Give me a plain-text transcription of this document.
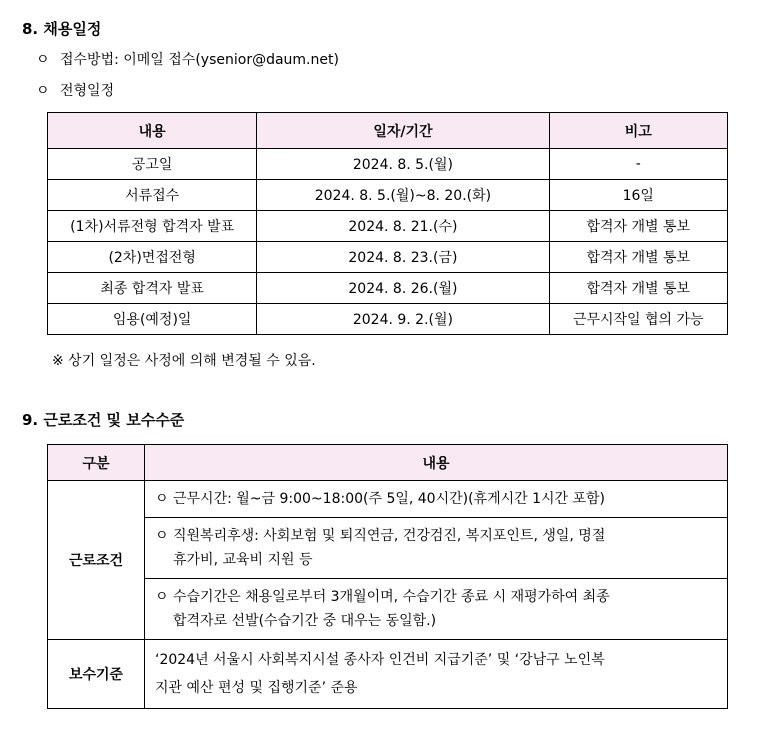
8. 채용일정
ㅇ 접수방법: 이메일 접수(ysenior@daum.net)
ㅇ 전형일정
내용	일자/기간	비고
공고일	2024. 8. 5.(월)	-
서류접수	2024. 8. 5.(월)~8. 20.(화)	16일
(1차)서류전형 합격자 발표	2024. 8. 21.(수)	합격자 개별 통보
(2차)면접전형	2024. 8. 23.(금)	합격자 개별 통보
최종 합격자 발표	2024. 8. 26.(월)	합격자 개별 통보
임용(예정)일	2024. 9. 2.(월)	근무시작일 협의 가능
※ 상기 일정은 사정에 의해 변경될 수 있음.
9. 근로조건 및 보수수준
구분	내용
근로조건	ㅇ 근무시간: 월~금 9:00~18:00(주 5일, 40시간)(휴게시간 1시간 포함)
	ㅇ 직원복리후생: 사회보험 및 퇴직연금, 건강검진, 복지포인트, 생일, 명절
휴가비, 교육비 지원 등

	ㅇ 수습기간은 채용일로부터 3개월이며, 수습기간 종료 시 재평가하여 최종
합격자로 선발(수습기간 중 대우는 동일함.)

보수기준	‘2024년 서울시 사회복지시설 종사자 인건비 지급기준’ 및 ‘강남구 노인복
지관 예산 편성 및 집행기준’ 준용
